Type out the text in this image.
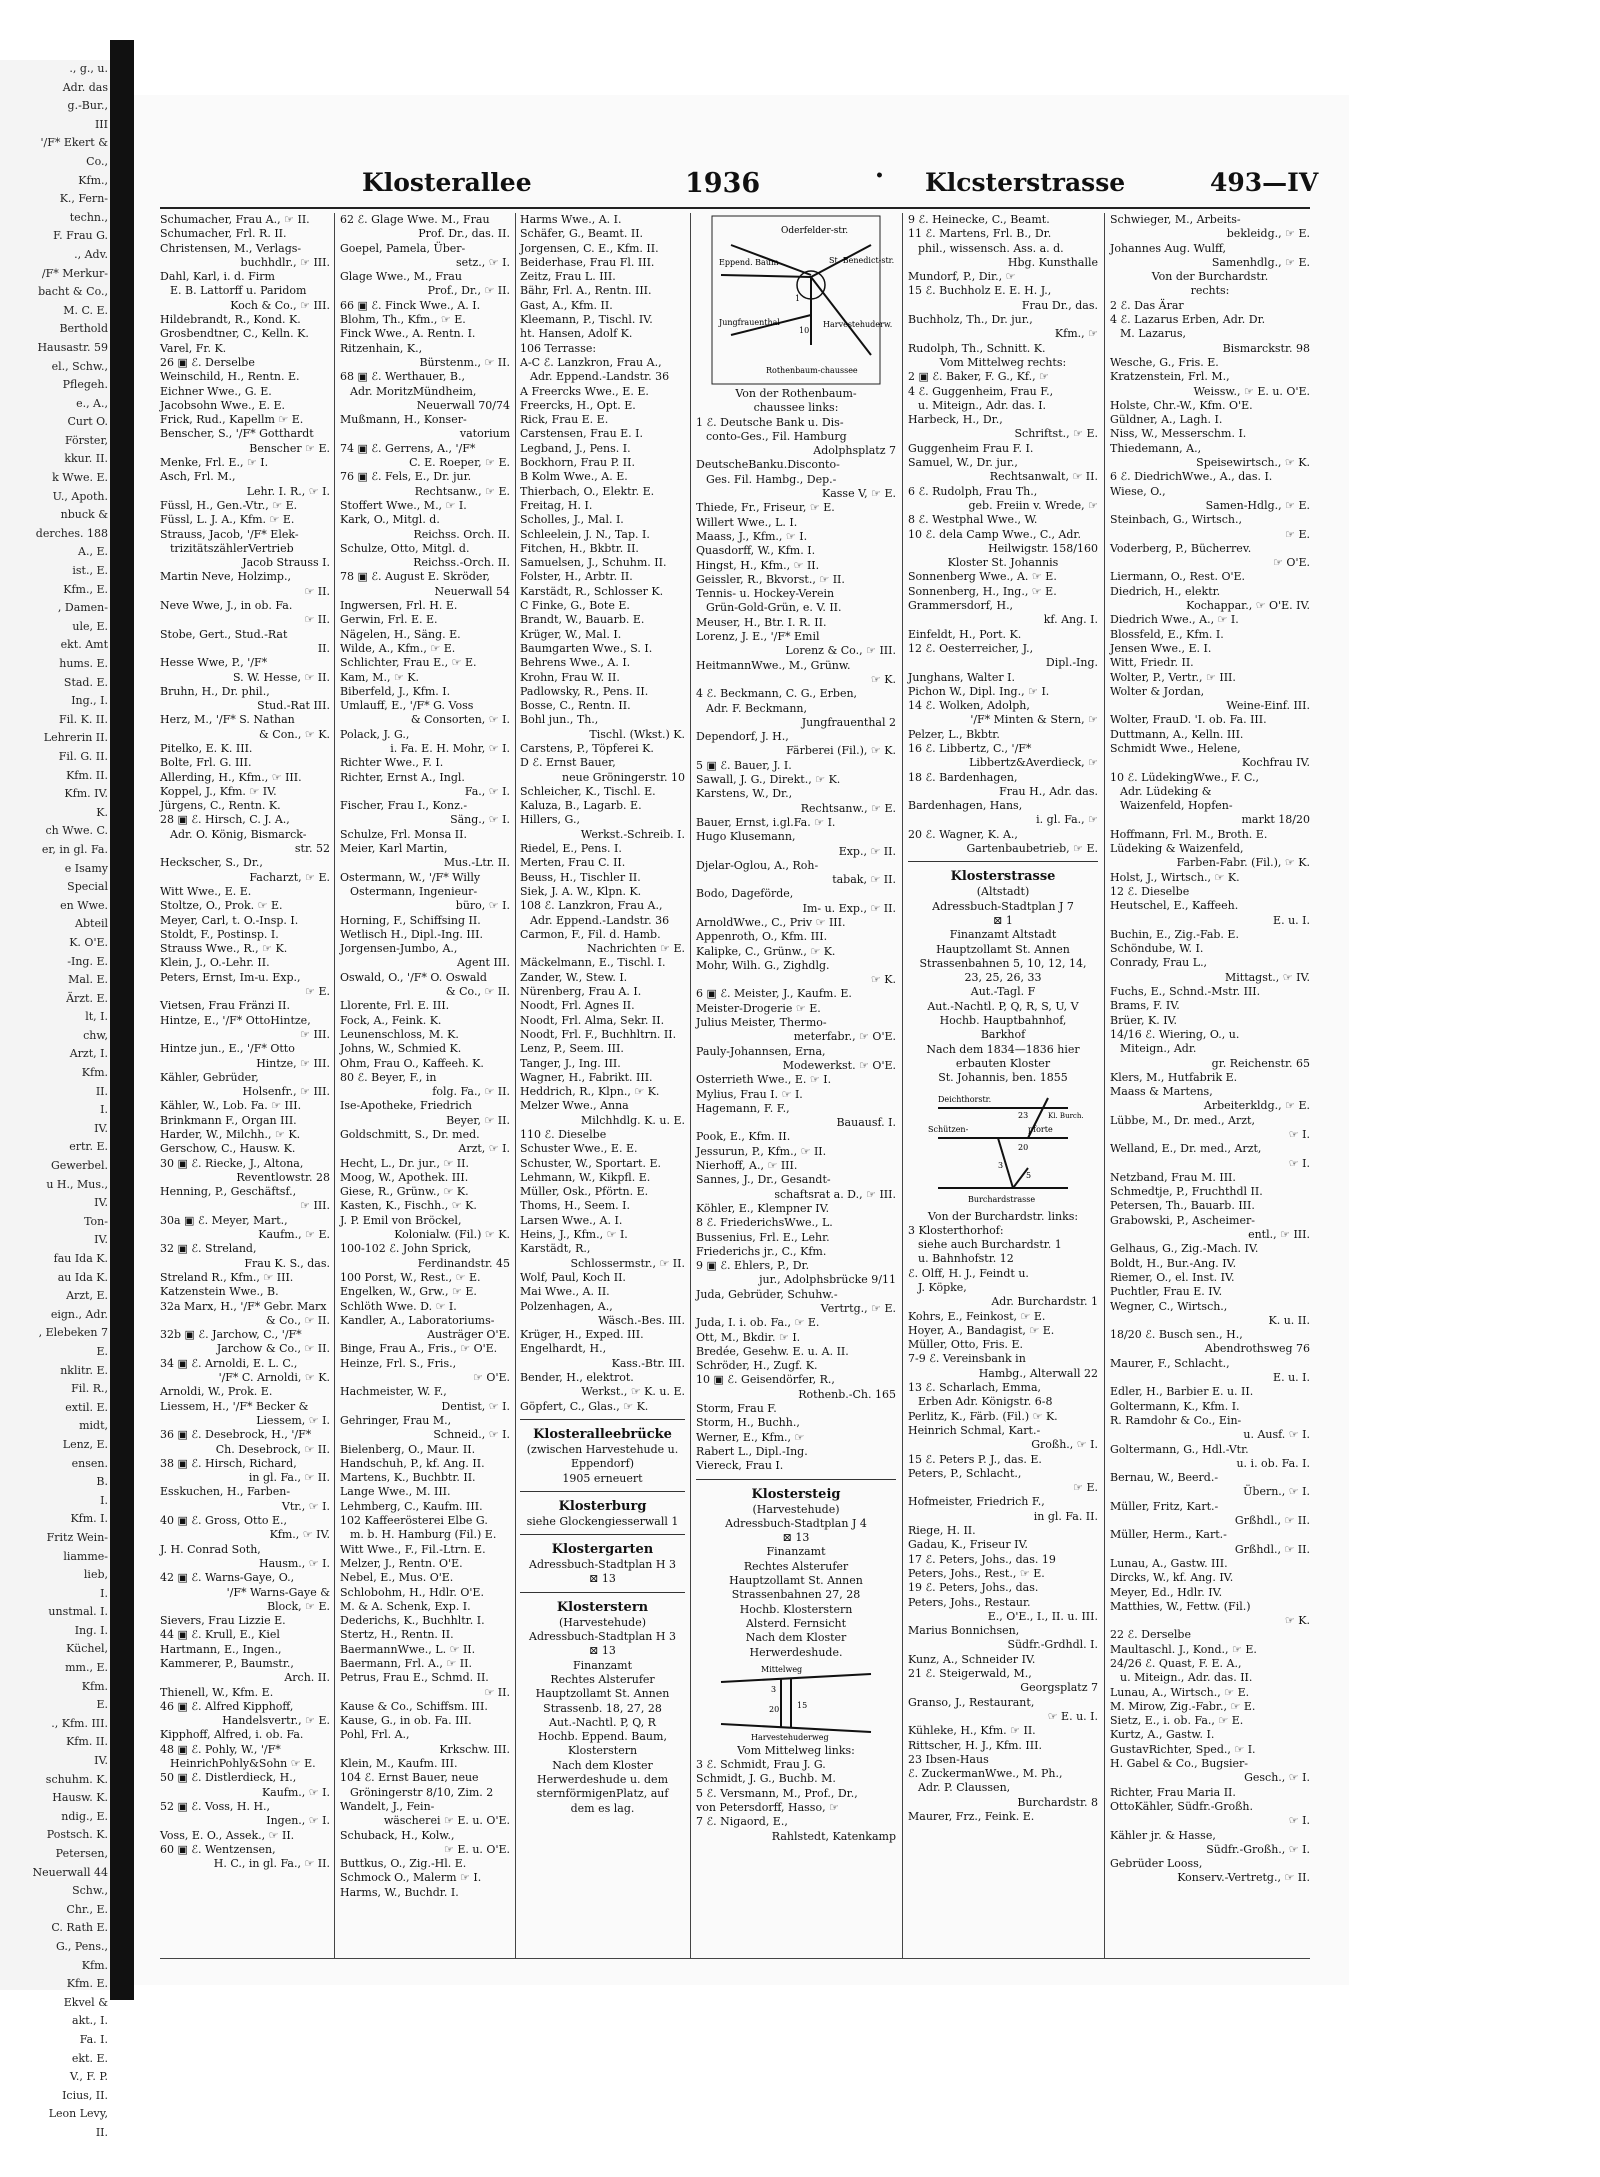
., g., u.
Adr. das
g.-Bur.,
III
'/F* Ekert &
Co.,
Kfm.,
K., Fern-
techn.,
F. Frau G.
., Adv.
/F* Merkur-
bacht & Co.,
M. C. E.
Berthold
Hausastr. 59
el., Schw.,
Pflegeh.
e., A.,
Curt O.
Förster,
kkur. II.
k Wwe. E.
U., Apoth.
nbuck &
derches. 188
A., E.
ist., E.
Kfm., E.
, Damen-
ule, E.
ekt. Amt
hums. E.
Stad. E.
Ing., I.
Fil. K. II.
Lehrerin II.
Fil. G. II.
Kfm. II.
Kfm. IV.
K.
ch Wwe. C.
er, in gl. Fa.
e Isamy
Special
en Wwe.
Abteil
K. O'E.
-Ing. E.
Mal. E.
Ärzt. E.
lt, I.
chw,
Arzt, I.
Kfm.
II.
I.
IV.
ertr. E.
Gewerbel.
u H., Mus.,
IV.
Ton-
IV.
fau Ida K.
au Ida K.
Arzt, E.
eign., Adr.
, Elebeken 7
E.
nklitr. E.
Fil. R.,
extil. E.
midt,
Lenz, E.
ensen.
B.
I.
Kfm. I.
Fritz Wein-
liamme-
lieb,
I.
unstmal. I.
Ing. I.
Küchel,
mm., E.
Kfm.
E.
., Kfm. III.
Kfm. II.
IV.
schuhm. K.
Hausw. K.
ndig., E.
Postsch. K.
Petersen,
Neuerwall 44
Schw.,
Chr., E.
C. Rath E.
G., Pens.,
Kfm.
Kfm. E.
Ekvel &
akt., I.
Fa. I.
ekt. E.
V., F. P.
Icius, II.
Leon Levy,
II.
Klosterallee	1936	• Klcsterstrasse	493—IV
Schumacher, Frau A., ☞ II.
Schumacher, Frl. R. II.
Christensen, M., Verlags-
buchhdlr., ☞ III.
Dahl, Karl, i. d. Firm
E. B. Lattorff u. Paridom
Koch & Co., ☞ III.
Hildebrandt, R., Kond. K.
Grosbendtner, C., Kelln. K.
Varel, Fr. K.
26 ▣ ℰ. Derselbe
Weinschild, H., Rentn. E.
Eichner Wwe., G. E.
Jacobsohn Wwe., E. E.
Frick, Rud., Kapellm ☞ E.
Benscher, S., '/F* Gotthardt
Benscher ☞ E.
Menke, Frl. E., ☞ I.
Asch, Frl. M.,
Lehr. I. R., ☞ I.
Füssl, H., Gen.-Vtr., ☞ E.
Füssl, L. J. A., Kfm. ☞ E.
Strauss, Jacob, '/F* Elek-
trizitätszählerVertrieb
Jacob Strauss I.
Martin Neve, Holzimp.,
☞ II.
Neve Wwe, J., in ob. Fa.
☞ II.
Stobe, Gert., Stud.-Rat
II.
Hesse Wwe, P., '/F*
S. W. Hesse, ☞ II.
Bruhn, H., Dr. phil.,
Stud.-Rat III.
Herz, M., '/F* S. Nathan
& Con., ☞ K.
Pitelko, E. K. III.
Bolte, Frl. G. III.
Allerding, H., Kfm., ☞ III.
Koppel, J., Kfm. ☞ IV.
Jürgens, C., Rentn. K.
28 ▣ ℰ. Hirsch, C. J. A.,
Adr. O. König, Bismarck-
str. 52
Heckscher, S., Dr.,
Facharzt, ☞ E.
Witt Wwe., E. E.
Stoltze, O., Prok. ☞ E.
Meyer, Carl, t. O.-Insp. I.
Stoldt, F., Postinsp. I.
Strauss Wwe., R., ☞ K.
Klein, J., O.-Lehr. II.
Peters, Ernst, Im-u. Exp.,
☞ E.
Vietsen, Frau Fränzi II.
Hintze, E., '/F* OttoHintze,
☞ III.
Hintze jun., E., '/F* Otto
Hintze, ☞ III.
Kähler, Gebrüder,
Holsenfr., ☞ III.
Kähler, W., Lob. Fa. ☞ III.
Brinkmann F., Organ III.
Harder, W., Milchh., ☞ K.
Gerschow, C., Hausw. K.
30 ▣ ℰ. Riecke, J., Altona,
Reventlowstr. 28
Henning, P., Geschäftsf.,
☞ III.
30a ▣ ℰ. Meyer, Mart.,
Kaufm., ☞ E.
32 ▣ ℰ. Streland,
Frau K. S., das.
Streland R., Kfm., ☞ III.
Katzenstein Wwe., B.
32a Marx, H., '/F* Gebr. Marx
& Co., ☞ II.
32b ▣ ℰ. Jarchow, C., '/F*
Jarchow & Co., ☞ II.
34 ▣ ℰ. Arnoldi, E. L. C.,
'/F* C. Arnoldi, ☞ K.
Arnoldi, W., Prok. E.
Liessem, H., '/F* Becker &
Liessem, ☞ I.
36 ▣ ℰ. Desebrock, H., '/F*
Ch. Desebrock, ☞ II.
38 ▣ ℰ. Hirsch, Richard,
in gl. Fa., ☞ II.
Esskuchen, H., Farben-
Vtr., ☞ I.
40 ▣ ℰ. Gross, Otto E.,
Kfm., ☞ IV.
J. H. Conrad Soth,
Hausm., ☞ I.
42 ▣ ℰ. Warns-Gaye, O.,
'/F* Warns-Gaye &
Block, ☞ E.
Sievers, Frau Lizzie E.
44 ▣ ℰ. Krull, E., Kiel
Hartmann, E., Ingen.,
Kammerer, P., Baumstr.,
Arch. II.
Thienell, W., Kfm. E.
46 ▣ ℰ. Alfred Kipphoff,
Handelsvertr., ☞ E.
Kipphoff, Alfred, i. ob. Fa.
48 ▣ ℰ. Pohly, W., '/F*
HeinrichPohly&Sohn ☞ E.
50 ▣ ℰ. Distlerdieck, H.,
Kaufm., ☞ I.
52 ▣ ℰ. Voss, H. H.,
Ingen., ☞ I.
Voss, E. O., Assek., ☞ II.
60 ▣ ℰ. Wentzensen,
H. C., in gl. Fa., ☞ II.
62 ℰ. Glage Wwe. M., Frau
Prof. Dr., das. II.
Goepel, Pamela, Über-
setz., ☞ I.
Glage Wwe., M., Frau
Prof., Dr., ☞ II.
66 ▣ ℰ. Finck Wwe., A. I.
Blohm, Th., Kfm., ☞ E.
Finck Wwe., A. Rentn. I.
Ritzenhain, K.,
Bürstenm., ☞ II.
68 ▣ ℰ. Werthauer, B.,
Adr. MoritzMündheim,
Neuerwall 70/74
Mußmann, H., Konser-
vatorium
74 ▣ ℰ. Gerrens, A., '/F*
C. E. Roeper, ☞ E.
76 ▣ ℰ. Fels, E., Dr. jur.
Rechtsanw., ☞ E.
Stoffert Wwe., M., ☞ I.
Kark, O., Mitgl. d.
Reichss. Orch. II.
Schulze, Otto, Mitgl. d.
Reichss.-Orch. II.
78 ▣ ℰ. August E. Skröder,
Neuerwall 54
Ingwersen, Frl. H. E.
Gerwin, Frl. E. E.
Nägelen, H., Säng. E.
Wilde, A., Kfm., ☞ E.
Schlichter, Frau E., ☞ E.
Kam, M., ☞ K.
Biberfeld, J., Kfm. I.
Umlauff, E., '/F* G. Voss
& Consorten, ☞ I.
Polack, J. G.,
i. Fa. E. H. Mohr, ☞ I.
Richter Wwe., F. I.
Richter, Ernst A., Ingl.
Fa., ☞ I.
Fischer, Frau I., Konz.-
Säng., ☞ I.
Schulze, Frl. Monsa II.
Meier, Karl Martin,
Mus.-Ltr. II.
Ostermann, W., '/F* Willy
Ostermann, Ingenieur-
büro, ☞ I.
Horning, F., Schiffsing II.
Wetlisch H., Dipl.-Ing. III.
Jorgensen-Jumbo, A.,
Agent III.
Oswald, O., '/F* O. Oswald
& Co., ☞ II.
Llorente, Frl. E. III.
Fock, A., Feink. K.
Leunenschloss, M. K.
Johns, W., Schmied K.
Ohm, Frau O., Kaffeeh. K.
80 ℰ. Beyer, F., in
folg. Fa., ☞ II.
Ise-Apotheke, Friedrich
Beyer, ☞ II.
Goldschmitt, S., Dr. med.
Arzt, ☞ I.
Hecht, L., Dr. jur., ☞ II.
Moog, W., Apothek. III.
Giese, R., Grünw., ☞ K.
Kasten, K., Fischh., ☞ K.
J. P. Emil von Bröckel,
Kolonialw. (Fil.) ☞ K.
100-102 ℰ. John Sprick,
Ferdinandstr. 45
100 Porst, W., Rest., ☞ E.
Engelken, W., Grw., ☞ E.
Schlöth Wwe. D. ☞ I.
Kandler, A., Laboratoriums-
Austräger O'E.
Binge, Frau A., Fris., ☞ O'E.
Heinze, Frl. S., Fris.,
☞ O'E.
Hachmeister, W. F.,
Dentist, ☞ I.
Gehringer, Frau M.,
Schneid., ☞ I.
Bielenberg, O., Maur. II.
Handschuh, P., kf. Ang. II.
Martens, K., Buchbtr. II.
Lange Wwe., M. III.
Lehmberg, C., Kaufm. III.
102 Kaffeerösterei Elbe G.
m. b. H. Hamburg (Fil.) E.
Witt Wwe., F., Fil.-Ltrn. E.
Melzer, J., Rentn. O'E.
Nebel, E., Mus. O'E.
Schlobohm, H., Hdlr. O'E.
M. & A. Schenk, Exp. I.
Dederichs, K., Buchhltr. I.
Stertz, H., Rentn. II.
BaermannWwe., L. ☞ II.
Baermann, Frl. A., ☞ II.
Petrus, Frau E., Schmd. II.
☞ II.
Kause & Co., Schiffsm. III.
Kause, G., in ob. Fa. III.
Pohl, Frl. A.,
Krkschw. III.
Klein, M., Kaufm. III.
104 ℰ. Ernst Bauer, neue
Gröningerstr 8/10, Zim. 2
Wandelt, J., Fein-
wäscherei ☞ E. u. O'E.
Schuback, H., Kolw.,
☞ E. u. O'E.
Buttkus, O., Zig.-Hl. E.
Schmock O., Malerm ☞ I.
Harms, W., Buchdr. I.
Harms Wwe., A. I.
Schäfer, G., Beamt. II.
Jorgensen, C. E., Kfm. II.
Beiderhase, Frau Fl. III.
Zeitz, Frau L. III.
Bähr, Frl. A., Rentn. III.
Gast, A., Kfm. II.
Kleemann, P., Tischl. IV.
ht. Hansen, Adolf K.
106 Terrasse:
A-C ℰ. Lanzkron, Frau A.,
Adr. Eppend.-Landstr. 36
A Freercks Wwe., E. E.
Freercks, H., Opt. E.
Rick, Frau E. E.
Carstensen, Frau E. I.
Legband, J., Pens. I.
Bockhorn, Frau P. II.
B Kolm Wwe., A. E.
Thierbach, O., Elektr. E.
Freitag, H. I.
Scholles, J., Mal. I.
Schleelein, J. N., Tap. I.
Fitchen, H., Bkbtr. II.
Samuelsen, J., Schuhm. II.
Folster, H., Arbtr. II.
Karstädt, R., Schlosser K.
C Finke, G., Bote E.
Brandt, W., Bauarb. E.
Krüger, W., Mal. I.
Baumgarten Wwe., S. I.
Behrens Wwe., A. I.
Krohn, Frau W. II.
Padlowsky, R., Pens. II.
Bosse, C., Rentn. II.
Bohl jun., Th.,
Tischl. (Wkst.) K.
Carstens, P., Töpferei K.
D ℰ. Ernst Bauer,
neue Gröningerstr. 10
Schleicher, K., Tischl. E.
Kaluza, B., Lagarb. E.
Hillers, G.,
Werkst.-Schreib. I.
Riedel, E., Pens. I.
Merten, Frau C. II.
Beuss, H., Tischler II.
Siek, J. A. W., Klpn. K.
108 ℰ. Lanzkron, Frau A.,
Adr. Eppend.-Landstr. 36
Carmon, F., Fil. d. Hamb.
Nachrichten ☞ E.
Mäckelmann, E., Tischl. I.
Zander, W., Stew. I.
Nürenberg, Frau A. I.
Noodt, Frl. Agnes II.
Noodt, Frl. Alma, Sekr. II.
Noodt, Frl. F., Buchhltrn. II.
Lenz, P., Seem. III.
Tanger, J., Ing. III.
Wagner, H., Fabrikt. III.
Heddrich, R., Klpn., ☞ K.
Melzer Wwe., Anna
Milchhdlg. K. u. E.
110 ℰ. Dieselbe
Schuster Wwe., E. E.
Schuster, W., Sportart. E.
Lehmann, W., Kikpfl. E.
Müller, Osk., Pförtn. E.
Thoms, H., Seem. I.
Larsen Wwe., A. I.
Heins, J., Kfm., ☞ I.
Karstädt, R.,
Schlossermstr., ☞ II.
Wolf, Paul, Koch II.
Mai Wwe., A. II.
Polzenhagen, A.,
Wäsch.-Bes. III.
Krüger, H., Exped. III.
Engelhardt, H.,
Kass.-Btr. III.
Bender, H., elektrot.
Werkst., ☞ K. u. E.
Göpfert, C., Glas., ☞ K.
Klosteralleebrücke
(zwischen Harvestehude u.
Eppendorf)
1905 erneuert
Klosterburg
siehe Glockengiesserwall 1
Klostergarten
Adressbuch-Stadtplan H 3
⊠ 13
Klosterstern
(Harvestehude)
Adressbuch-Stadtplan H 3
⊠ 13
Finanzamt
Rechtes Alsterufer
Hauptzollamt St. Annen
Strassenb. 18, 27, 28
Aut.-Nachtl. P, Q, R
Hochb. Eppend. Baum,
Klosterstern
Nach dem Kloster
Herwerdeshude u. dem
sternförmigenPlatz, auf
dem es lag.
Oderfelder-str.
Eppend. Baum	St. Benedict-str.
Jungfrauenthal	Harvestehuderw.
Rothenbaum-chaussee
1
10
Von der Rothenbaum-
chaussee links:
1 ℰ. Deutsche Bank u. Dis-
conto-Ges., Fil. Hamburg
Adolphsplatz 7
DeutscheBanku.Disconto-
Ges. Fil. Hambg., Dep.-
Kasse V, ☞ E.
Thiede, Fr., Friseur, ☞ E.
Willert Wwe., L. I.
Maass, J., Kfm., ☞ I.
Quasdorff, W., Kfm. I.
Hingst, H., Kfm., ☞ II.
Geissler, R., Bkvorst., ☞ II.
Tennis- u. Hockey-Verein
Grün-Gold-Grün, e. V. II.
Meuser, H., Btr. I. R. II.
Lorenz, J. E., '/F* Emil
Lorenz & Co., ☞ III.
HeitmannWwe., M., Grünw.
☞ K.
4 ℰ. Beckmann, C. G., Erben,
Adr. F. Beckmann,
Jungfrauenthal 2
Dependorf, J. H.,
Färberei (Fil.), ☞ K.
5 ▣ ℰ. Bauer, J. I.
Sawall, J. G., Direkt., ☞ K.
Karstens, W., Dr.,
Rechtsanw., ☞ E.
Bauer, Ernst, i.gl.Fa. ☞ I.
Hugo Klusemann,
Exp., ☞ II.
Djelar-Oglou, A., Roh-
tabak, ☞ II.
Bodo, Dageförde,
Im- u. Exp., ☞ II.
ArnoldWwe., C., Priv ☞ III.
Appenroth, O., Kfm. III.
Kalipke, C., Grünw., ☞ K.
Mohr, Wilh. G., Zighdlg.
☞ K.
6 ▣ ℰ. Meister, J., Kaufm. E.
Meister-Drogerie ☞ E.
Julius Meister, Thermo-
meterfabr., ☞ O'E.
Pauly-Johannsen, Erna,
Modewerkst. ☞ O'E.
Osterrieth Wwe., E. ☞ I.
Mylius, Frau I. ☞ I.
Hagemann, F. F.,
Bauausf. I.
Pook, E., Kfm. II.
Jessurun, P., Kfm., ☞ II.
Nierhoff, A., ☞ III.
Sannes, J., Dr., Gesandt-
schaftsrat a. D., ☞ III.
Köhler, E., Klempner IV.
8 ℰ. FriederichsWwe., L.
Bussenius, Frl. E., Lehr.
Friederichs jr., C., Kfm.
9 ▣ ℰ. Ehlers, P., Dr.
jur., Adolphsbrücke 9/11
Juda, Gebrüder, Schuhw.-
Vertrtg., ☞ E.
Juda, I. i. ob. Fa., ☞ E.
Ott, M., Bkdir. ☞ I.
Bredée, Gesehw. E. u. A. II.
Schröder, H., Zugf. K.
10 ▣ ℰ. Geisendörfer, R.,
Rothenb.-Ch. 165
Storm, Frau F.
Storm, H., Buchh.,
Werner, E., Kfm., ☞
Rabert L., Dipl.-Ing.
Viereck, Frau I.
Klostersteig
(Harvestehude)
Adressbuch-Stadtplan J 4
⊠ 13
Finanzamt
Rechtes Alsterufer
Hauptzollamt St. Annen
Strassenbahnen 27, 28
Hochb. Klosterstern
Alsterd. Fernsicht
Nach dem Kloster
Herwerdeshude.
Mittelweg
Harvestehuderweg
3
20 15
Vom Mittelweg links:
3 ℰ. Schmidt, Frau J. G.
Schmidt, J. G., Buchb. M.
5 ℰ. Versmann, M., Prof., Dr.,
von Petersdorff, Hasso, ☞
7 ℰ. Nigaord, E.,
Rahlstedt, Katenkamp
9 ℰ. Heinecke, C., Beamt.
11 ℰ. Martens, Frl. B., Dr.
phil., wissensch. Ass. a. d.
Hbg. Kunsthalle
Mundorf, P., Dir., ☞
15 ℰ. Buchholz E. E. H. J.,
Frau Dr., das.
Buchholz, Th., Dr. jur.,
Kfm., ☞
Rudolph, Th., Schnitt. K.
Vom Mittelweg rechts:
2 ▣ ℰ. Baker, F. G., Kf., ☞
4 ℰ. Guggenheim, Frau F.,
u. Miteign., Adr. das. I.
Harbeck, H., Dr.,
Schriftst., ☞ E.
Guggenheim Frau F. I.
Samuel, W., Dr. jur.,
Rechtsanwalt, ☞ II.
6 ℰ. Rudolph, Frau Th.,
geb. Freiin v. Wrede, ☞
8 ℰ. Westphal Wwe., W.
10 ℰ. dela Camp Wwe., C., Adr.
Heilwigstr. 158/160
Kloster St. Johannis
Sonnenberg Wwe., A. ☞ E.
Sonnenberg, H., Ing., ☞ E.
Grammersdorf, H.,
kf. Ang. I.
Einfeldt, H., Port. K.
12 ℰ. Oesterreicher, J.,
Dipl.-Ing.
Junghans, Walter I.
Pichon W., Dipl. Ing., ☞ I.
14 ℰ. Wolken, Adolph,
'/F* Minten & Stern, ☞
Pelzer, L., Bkbtr.
16 ℰ. Libbertz, C., '/F*
Libbertz&Averdieck, ☞
18 ℰ. Bardenhagen,
Frau H., Adr. das.
Bardenhagen, Hans,
i. gl. Fa., ☞
20 ℰ. Wagner, K. A.,
Gartenbaubetrieb, ☞ E.
Klosterstrasse
(Altstadt)
Adressbuch-Stadtplan J 7
⊠ 1
Finanzamt Altstadt
Hauptzollamt St. Annen
Strassenbahnen 5, 10, 12, 14,
23, 25, 26, 33
Aut.-Tagl. F
Aut.-Nachtl. P, Q, R, S, U, V
Hochb. Hauptbahnhof,
Barkhof
Nach dem 1834—1836 hier
erbauten Kloster
St. Johannis, ben. 1855
Deichthorstr.
Schützen-	pforte
Burchardstrasse
Kl. Burch.
23
20
3
5
Von der Burchardstr. links:
3 Klosterthorhof:
siehe auch Burchardstr. 1
u. Bahnhofstr. 12
ℰ. Olff, H. J., Feindt u.
J. Köpke,
Adr. Burchardstr. 1
Kohrs, E., Feinkost, ☞ E.
Hoyer, A., Bandagist, ☞ E.
Müller, Otto, Fris. E.
7-9 ℰ. Vereinsbank in
Hambg., Alterwall 22
13 ℰ. Scharlach, Emma,
Erben Adr. Königstr. 6-8
Perlitz, K., Färb. (Fil.) ☞ K.
Heinrich Schmal, Kart.-
Großh., ☞ I.
15 ℰ. Peters P. J., das. E.
Peters, P., Schlacht.,
☞ E.
Hofmeister, Friedrich F.,
in gl. Fa. II.
Riege, H. II.
Gadau, K., Friseur IV.
17 ℰ. Peters, Johs., das. 19
Peters, Johs., Rest., ☞ E.
19 ℰ. Peters, Johs., das.
Peters, Johs., Restaur.
E., O'E., I., II. u. III.
Marius Bonnichsen,
Südfr.-Grdhdl. I.
Kunz, A., Schneider IV.
21 ℰ. Steigerwald, M.,
Georgsplatz 7
Granso, J., Restaurant,
☞ E. u. I.
Kühleke, H., Kfm. ☞ II.
Rittscher, H. J., Kfm. III.
23 Ibsen-Haus
ℰ. ZuckermanWwe., M. Ph.,
Adr. P. Claussen,
Burchardstr. 8
Maurer, Frz., Feink. E.
Schwieger, M., Arbeits-
bekleidg., ☞ E.
Johannes Aug. Wulff,
Samenhdlg., ☞ E.
Von der Burchardstr.
rechts:
2 ℰ. Das Ärar
4 ℰ. Lazarus Erben, Adr. Dr.
M. Lazarus,
Bismarckstr. 98
Wesche, G., Fris. E.
Kratzenstein, Frl. M.,
Weissw., ☞ E. u. O'E.
Holste, Chr.-W., Kfm. O'E.
Güldner, A., Lagh. I.
Niss, W., Messerschm. I.
Thiedemann, A.,
Speisewirtsch., ☞ K.
6 ℰ. DiedrichWwe., A., das. I.
Wiese, O.,
Samen-Hdlg., ☞ E.
Steinbach, G., Wirtsch.,
☞ E.
Voderberg, P., Bücherrev.
☞ O'E.
Liermann, O., Rest. O'E.
Diedrich, H., elektr.
Kochappar., ☞ O'E. IV.
Diedrich Wwe., A., ☞ I.
Blossfeld, E., Kfm. I.
Jensen Wwe., E. I.
Witt, Friedr. II.
Wolter, P., Vertr., ☞ III.
Wolter & Jordan,
Weine-Einf. III.
Wolter, FrauD. 'I. ob. Fa. III.
Duttmann, A., Kelln. III.
Schmidt Wwe., Helene,
Kochfrau IV.
10 ℰ. LüdekingWwe., F. C.,
Adr. Lüdeking &
Waizenfeld, Hopfen-
markt 18/20
Hoffmann, Frl. M., Broth. E.
Lüdeking & Waizenfeld,
Farben-Fabr. (Fil.), ☞ K.
Holst, J., Wirtsch., ☞ K.
12 ℰ. Dieselbe
Heutschel, E., Kaffeeh.
E. u. I.
Buchin, E., Zig.-Fab. E.
Schöndube, W. I.
Conrady, Frau L.,
Mittagst., ☞ IV.
Fuchs, E., Schnd.-Mstr. III.
Brams, F. IV.
Brüer, K. IV.
14/16 ℰ. Wiering, O., u.
Miteign., Adr.
gr. Reichenstr. 65
Klers, M., Hutfabrik E.
Maass & Martens,
Arbeiterkldg., ☞ E.
Lübbe, M., Dr. med., Arzt,
☞ I.
Welland, E., Dr. med., Arzt,
☞ I.
Netzband, Frau M. III.
Schmedtje, P., Fruchthdl II.
Petersen, Th., Bauarb. III.
Grabowski, P., Ascheimer-
entl., ☞ III.
Gelhaus, G., Zig.-Mach. IV.
Boldt, H., Bur.-Ang. IV.
Riemer, O., el. Inst. IV.
Puchtler, Frau E. IV.
Wegner, C., Wirtsch.,
K. u. II.
18/20 ℰ. Busch sen., H.,
Abendrothsweg 76
Maurer, F., Schlacht.,
E. u. I.
Edler, H., Barbier E. u. II.
Goltermann, K., Kfm. I.
R. Ramdohr & Co., Ein-
u. Ausf. ☞ I.
Goltermann, G., Hdl.-Vtr.
u. i. ob. Fa. I.
Bernau, W., Beerd.-
Übern., ☞ I.
Müller, Fritz, Kart.-
Grßhdl., ☞ II.
Müller, Herm., Kart.-
Grßhdl., ☞ II.
Lunau, A., Gastw. III.
Dircks, W., kf. Ang. IV.
Meyer, Ed., Hdlr. IV.
Matthies, W., Fettw. (Fil.)
☞ K.
22 ℰ. Derselbe
Maultaschl. J., Kond., ☞ E.
24/26 ℰ. Quast, F. E. A.,
u. Miteign., Adr. das. II.
Lunau, A., Wirtsch., ☞ E.
M. Mirow, Zig.-Fabr., ☞ E.
Sietz, E., i. ob. Fa., ☞ E.
Kurtz, A., Gastw. I.
GustavRichter, Sped., ☞ I.
H. Gabel & Co., Bugsier-
Gesch., ☞ I.
Richter, Frau Maria II.
OttoKähler, Südfr.-Großh.
☞ I.
Kähler jr. & Hasse,
Südfr.-Großh., ☞ I.
Gebrüder Looss,
Konserv.-Vertretg., ☞ II.
